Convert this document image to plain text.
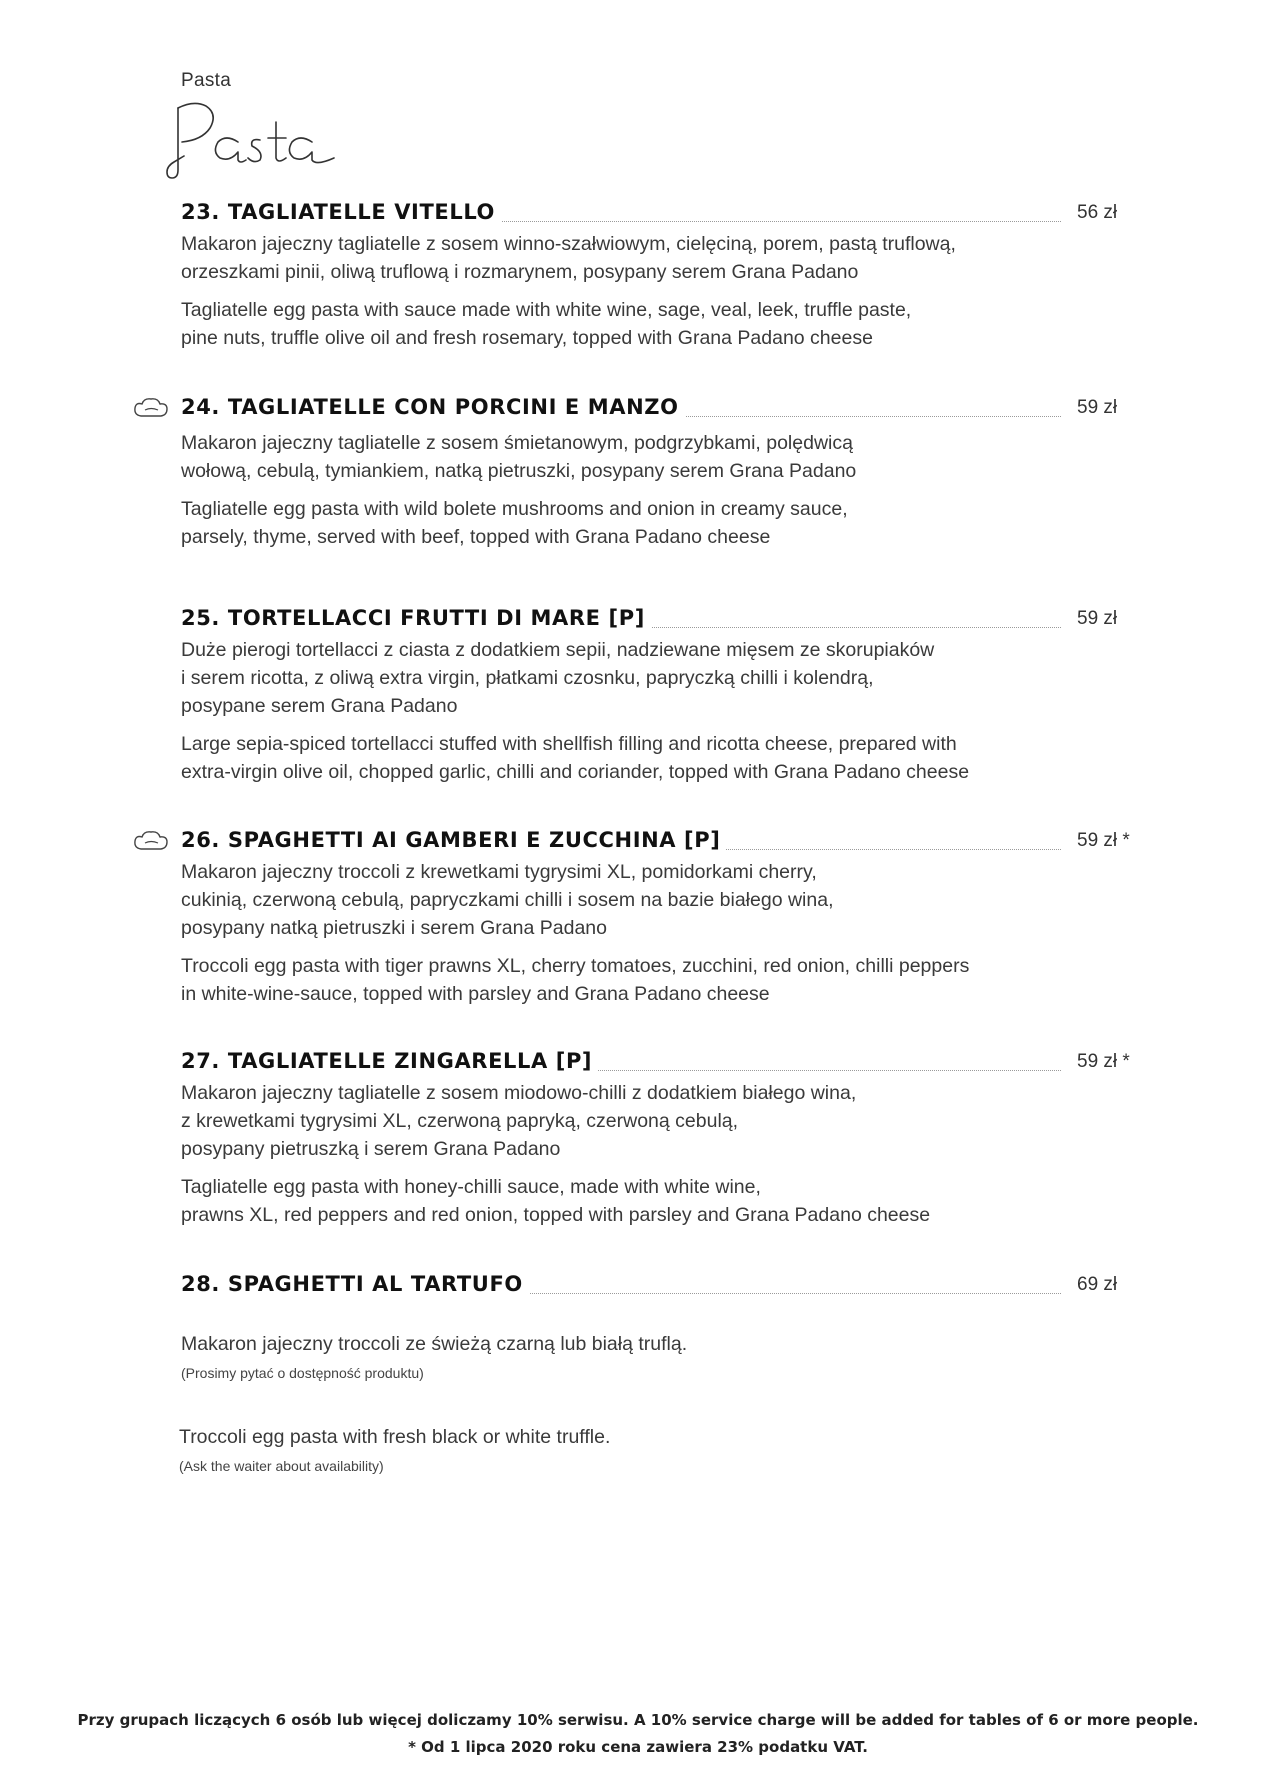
Pasta
23. TAGLIATELLE VITELLO	56 zł

Makaron jajeczny tagliatelle z sosem winno-szałwiowym, cielęciną, porem, pastą truflową,
orzeszkami pinii, oliwą truflową i rozmarynem, posypany serem Grana Padano

Tagliatelle egg pasta with sauce made with white wine, sage, veal, leek, truffle paste,
pine nuts, truffle olive oil and fresh rosemary, topped with Grana Padano cheese

24. TAGLIATELLE CON PORCINI E MANZO	59 zł

Makaron jajeczny tagliatelle z sosem śmietanowym, podgrzybkami, polędwicą
wołową, cebulą, tymiankiem, natką pietruszki, posypany serem Grana Padano

Tagliatelle egg pasta with wild bolete mushrooms and onion in creamy sauce,
parsely, thyme, served with beef, topped with Grana Padano cheese

25. TORTELLACCI FRUTTI DI MARE [P]	59 zł

Duże pierogi tortellacci z ciasta z dodatkiem sepii, nadziewane mięsem ze skorupiaków
i serem ricotta, z oliwą extra virgin, płatkami czosnku, papryczką chilli i kolendrą,
posypane serem Grana Padano

Large sepia-spiced tortellacci stuffed with shellfish filling and ricotta cheese, prepared with
extra-virgin olive oil, chopped garlic, chilli and coriander, topped with Grana Padano cheese

26. SPAGHETTI AI GAMBERI E ZUCCHINA [P]	59 zł *

Makaron jajeczny troccoli z krewetkami tygrysimi XL, pomidorkami cherry,
cukinią, czerwoną cebulą, papryczkami chilli i sosem na bazie białego wina,
posypany natką pietruszki i serem Grana Padano

Troccoli egg pasta with tiger prawns XL, cherry tomatoes, zucchini, red onion, chilli peppers
in white-wine-sauce, topped with parsley and Grana Padano cheese

27. TAGLIATELLE ZINGARELLA [P]	59 zł *

Makaron jajeczny tagliatelle z sosem miodowo-chilli z dodatkiem białego wina,
z krewetkami tygrysimi XL, czerwoną papryką, czerwoną cebulą,
posypany pietruszką i serem Grana Padano

Tagliatelle egg pasta with honey-chilli sauce, made with white wine,
prawns XL, red peppers and red onion, topped with parsley and Grana Padano cheese

28. SPAGHETTI AL TARTUFO	69 zł

Makaron jajeczny troccoli ze świeżą czarną lub białą truflą.
(Prosimy pytać o dostępność produktu)

Troccoli egg pasta with fresh black or white truffle.
(Ask the waiter about availability)

Przy grupach liczących 6 osób lub więcej doliczamy 10% serwisu. A 10% service charge will be added for tables of 6 or more people.
* Od 1 lipca 2020 roku cena zawiera 23% podatku VAT.
